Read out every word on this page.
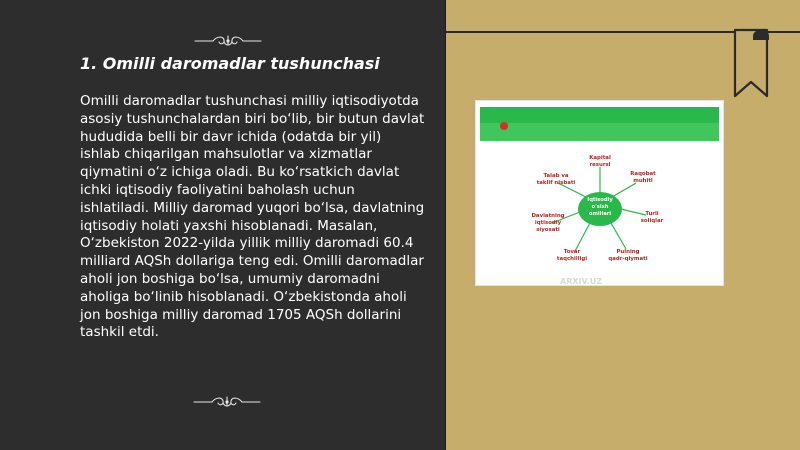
1. Omilli daromadlar tushunchasi

Omilli daromadlar tushunchasi milliy iqtisodiyotda asosiy tushunchalardan biri bo‘lib, bir butun davlat hududida belli bir davr ichida (odatda bir yil) ishlab chiqarilgan mahsulotlar va xizmatlar qiymatini o‘z ichiga oladi. Bu ko‘rsatkich davlat ichki iqtisodiy faoliyatini baholash uchun ishlatiladi. Milliy daromad yuqori bo‘lsa, davlatning iqtisodiy holati yaxshi hisoblanadi. Masalan, O‘zbekiston 2022-yilda yillik milliy daromadi 60.4 milliard AQSh dollariga teng edi. Omilli daromadlar aholi jon boshiga bo‘lsa, umumiy daromadni aholiga bo‘linib hisoblanadi. O‘zbekistonda aholi jon boshiga milliy daromad 1705 AQSh dollarini tashkil etdi.

Iqtisodiy
o'sish
omillari
Kapital
resursi
Raqobat
muhiti
Turli
soliqlar
Pulning
qadr-qiymati
Tovar
taqchilligi
Davlatning
iqtisodiy
siyosati
Talab va
taklif nisbati
ARXIV.UZ
